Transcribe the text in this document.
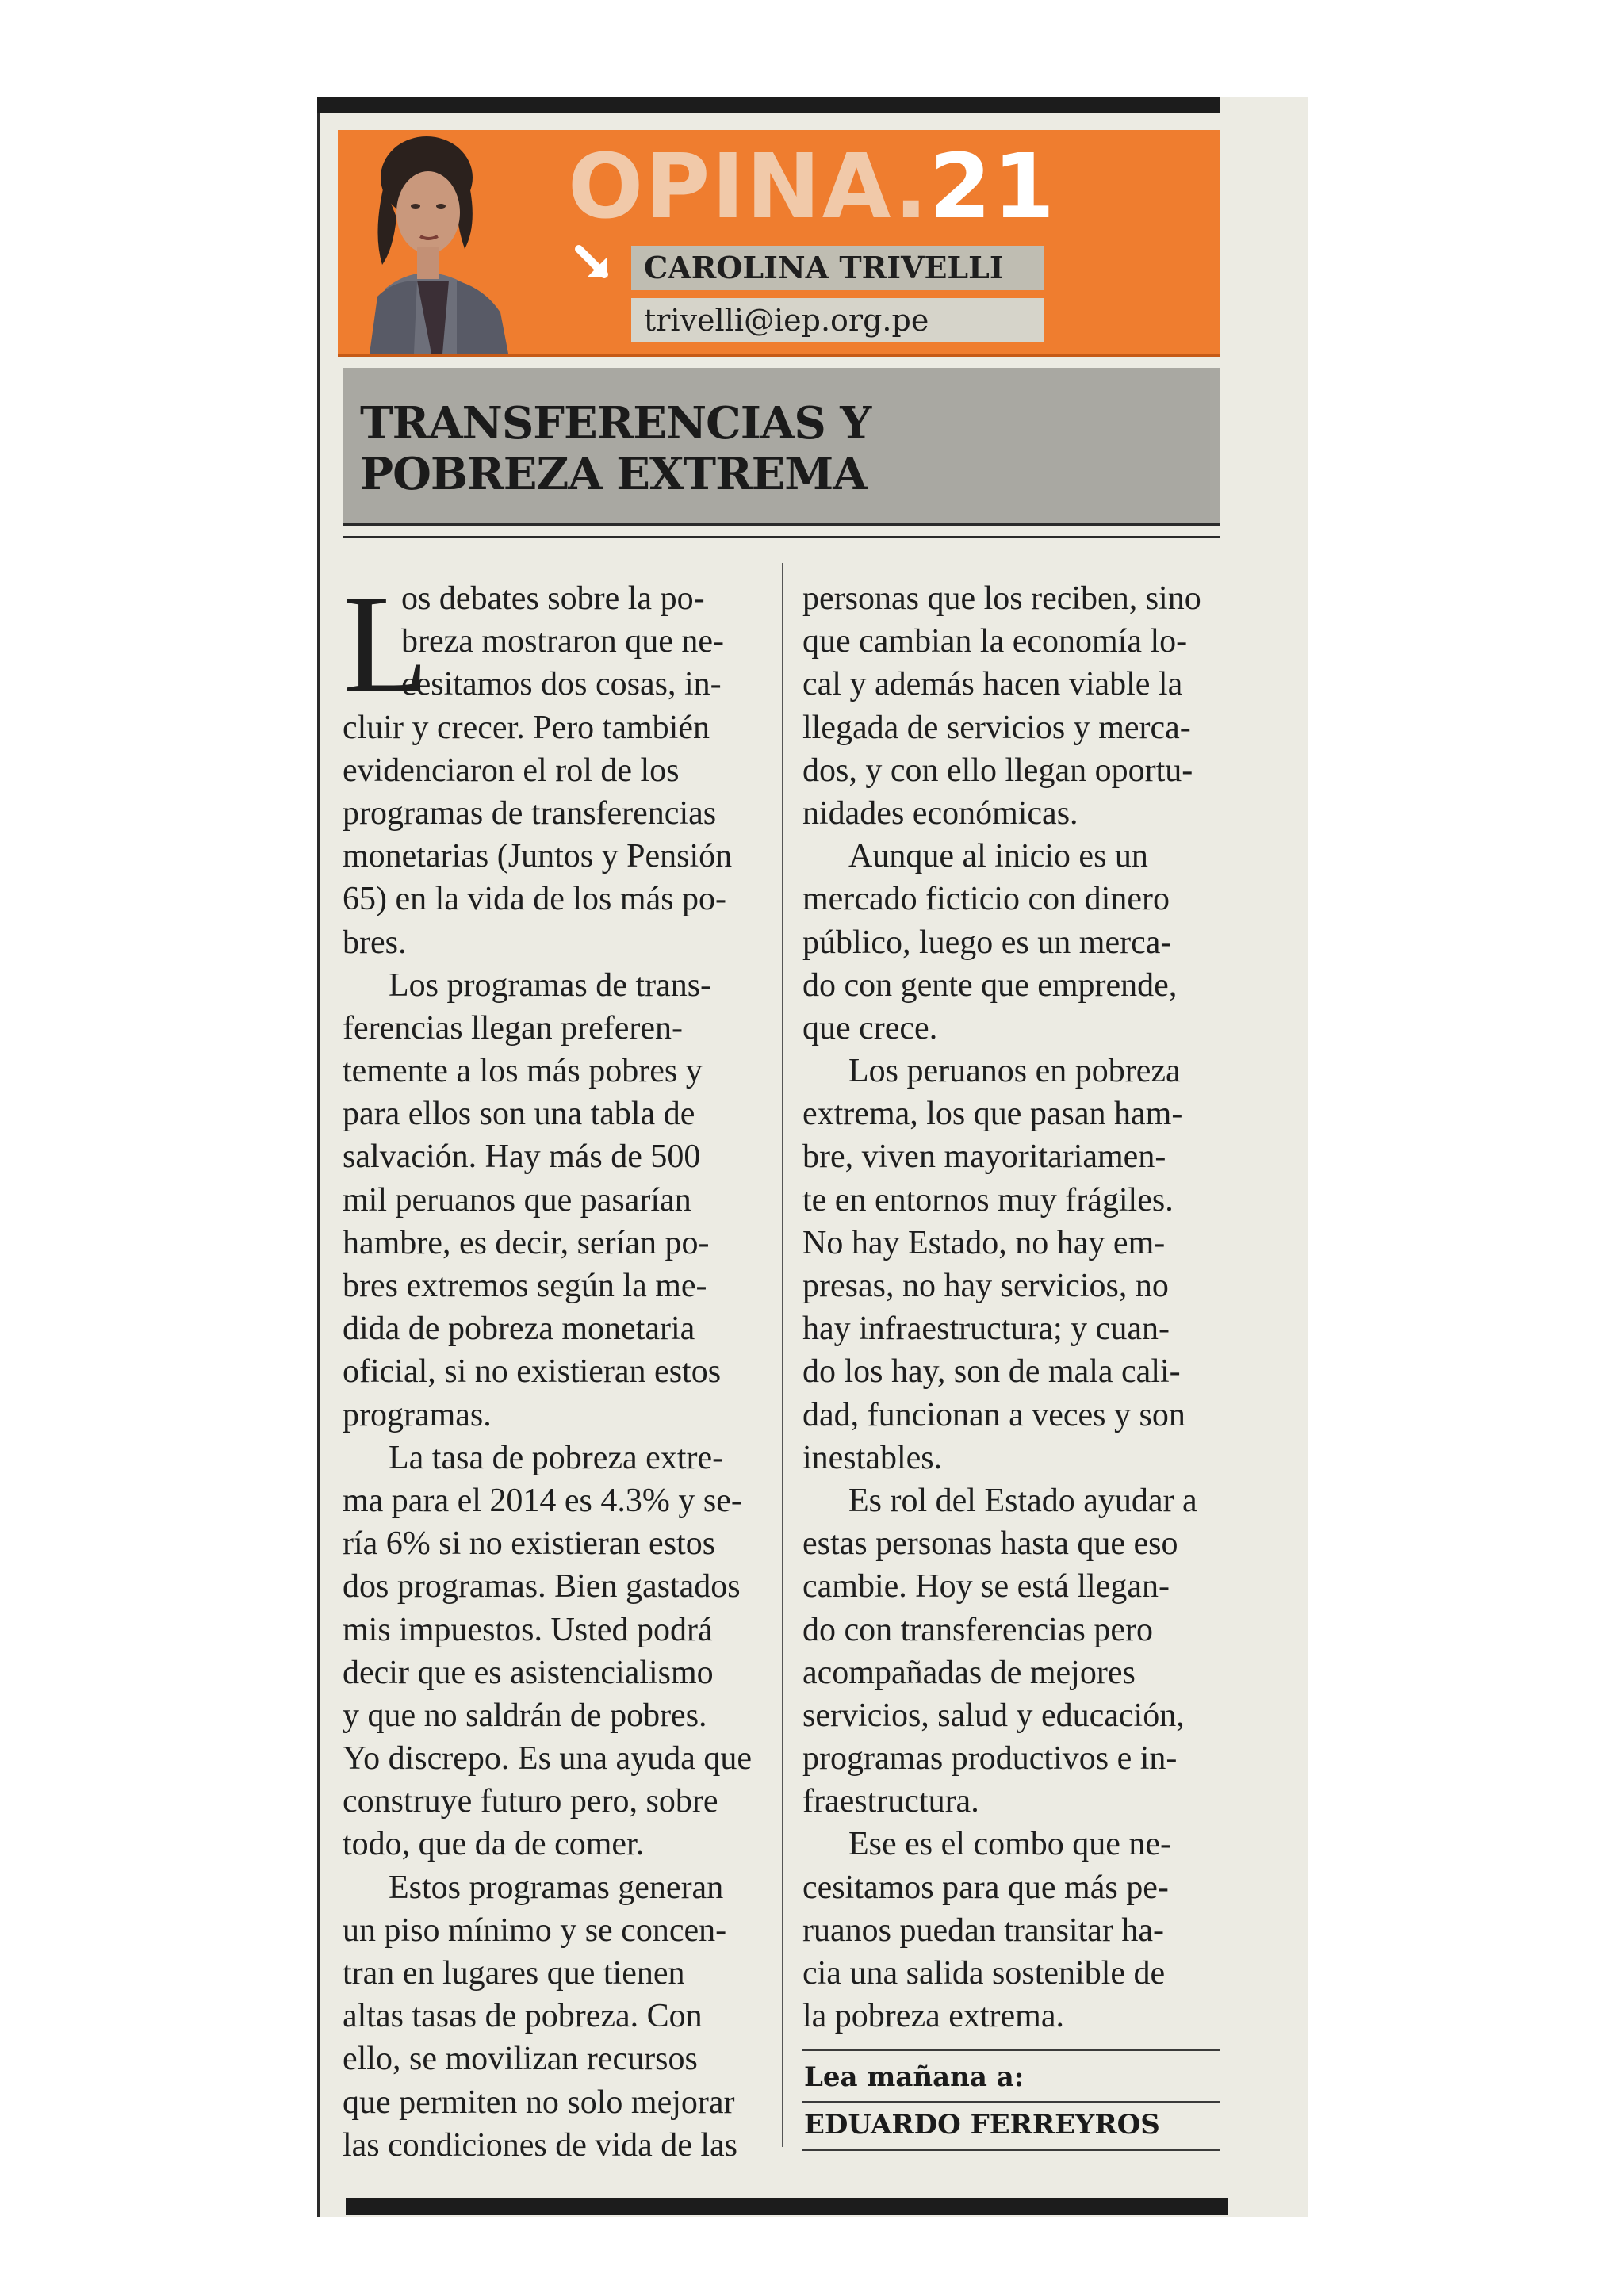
OPINA.21
CAROLINA TRIVELLI
trivelli@iep.org.pe
TRANSFERENCIAS Y
POBREZA EXTREMA
L
os debates sobre la po-
breza mostraron que ne-
cesitamos dos cosas, in-
cluir y crecer. Pero también
evidenciaron el rol de los
programas de transferencias
monetarias (Juntos y Pensión
65) en la vida de los más po-
bres.
Los programas de trans-
ferencias llegan preferen-
temente a los más pobres y
para ellos son una tabla de
salvación. Hay más de 500
mil peruanos que pasarían
hambre, es decir, serían po-
bres extremos según la me-
dida de pobreza monetaria
oficial, si no existieran estos
programas.
La tasa de pobreza extre-
ma para el 2014 es 4.3% y se-
ría 6% si no existieran estos
dos programas. Bien gastados
mis impuestos. Usted podrá
decir que es asistencialismo
y que no saldrán de pobres.
Yo discrepo. Es una ayuda que
construye futuro pero, sobre
todo, que da de comer.
Estos programas generan
un piso mínimo y se concen-
tran en lugares que tienen
altas tasas de pobreza. Con
ello, se movilizan recursos
que permiten no solo mejorar
las condiciones de vida de las
personas que los reciben, sino
que cambian la economía lo-
cal y además hacen viable la
llegada de servicios y merca-
dos, y con ello llegan oportu-
nidades económicas.
Aunque al inicio es un
mercado ficticio con dinero
público, luego es un merca-
do con gente que emprende,
que crece.
Los peruanos en pobreza
extrema, los que pasan ham-
bre, viven mayoritariamen-
te en entornos muy frágiles.
No hay Estado, no hay em-
presas, no hay servicios, no
hay infraestructura; y cuan-
do los hay, son de mala cali-
dad, funcionan a veces y son
inestables.
Es rol del Estado ayudar a
estas personas hasta que eso
cambie. Hoy se está llegan-
do con transferencias pero
acompañadas de mejores
servicios, salud y educación,
programas productivos e in-
fraestructura.
Ese es el combo que ne-
cesitamos para que más pe-
ruanos puedan transitar ha-
cia una salida sostenible de
la pobreza extrema.
Lea mañana a:
EDUARDO FERREYROS
